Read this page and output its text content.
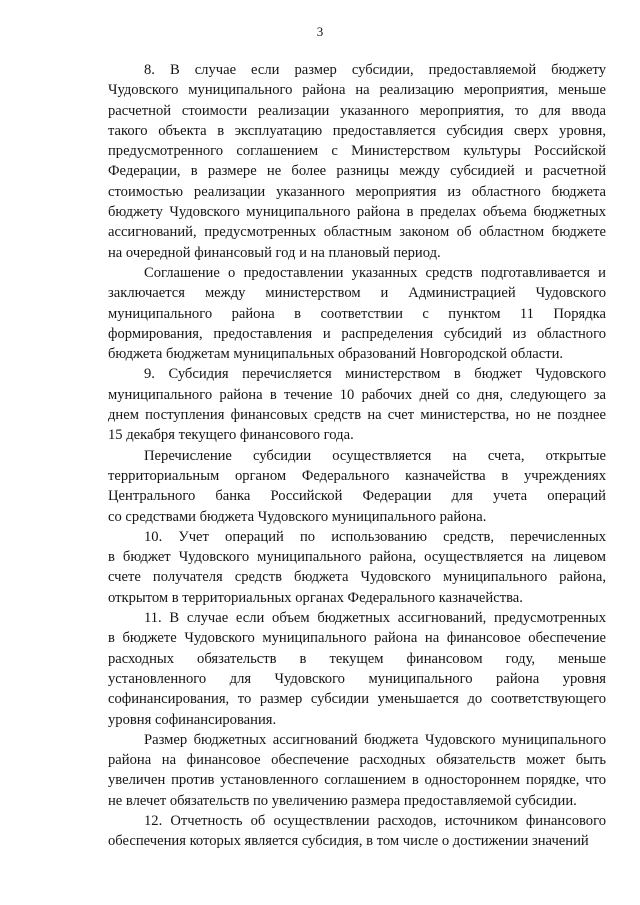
3

8. В случае если размер субсидии, предоставляемой бюджету

Чудовского муниципального района на реализацию мероприятия, меньше

расчетной стоимости реализации указанного мероприятия, то для ввода

такого объекта в эксплуатацию предоставляется субсидия сверх уровня,

предусмотренного соглашением с Министерством культуры Российской

Федерации, в размере не более разницы между субсидией и расчетной

стоимостью реализации указанного мероприятия из областного бюджета

бюджету Чудовского муниципального района в пределах объема бюджетных

ассигнований, предусмотренных областным законом об областном бюджете

на очередной финансовый год и на плановый период.

Соглашение о предоставлении указанных средств подготавливается и

заключается между министерством и Администрацией Чудовского

муниципального района в соответствии с пунктом 11 Порядка

формирования, предоставления и распределения субсидий из областного

бюджета бюджетам муниципальных образований Новгородской области.

9. Субсидия перечисляется министерством в бюджет Чудовского

муниципального района в течение 10 рабочих дней со дня, следующего за

днем поступления финансовых средств на счет министерства, но не позднее

15 декабря текущего финансового года.

Перечисление субсидии осуществляется на счета, открытые

территориальным органом Федерального казначейства в учреждениях

Центрального банка Российской Федерации для учета операций

со средствами бюджета Чудовского муниципального района.

10. Учет операций по использованию средств, перечисленных

в бюджет Чудовского муниципального района, осуществляется на лицевом

счете получателя средств бюджета Чудовского муниципального района,

открытом в территориальных органах Федерального казначейства.

11. В случае если объем бюджетных ассигнований, предусмотренных

в бюджете Чудовского муниципального района на финансовое обеспечение

расходных обязательств в текущем финансовом году, меньше

установленного для Чудовского муниципального района уровня

софинансирования, то размер субсидии уменьшается до соответствующего

уровня софинансирования.

Размер бюджетных ассигнований бюджета Чудовского муниципального

района на финансовое обеспечение расходных обязательств может быть

увеличен против установленного соглашением в одностороннем порядке, что

не влечет обязательств по увеличению размера предоставляемой субсидии.

12. Отчетность об осуществлении расходов, источником финансового

обеспечения которых является субсидия, в том числе о достижении значений
